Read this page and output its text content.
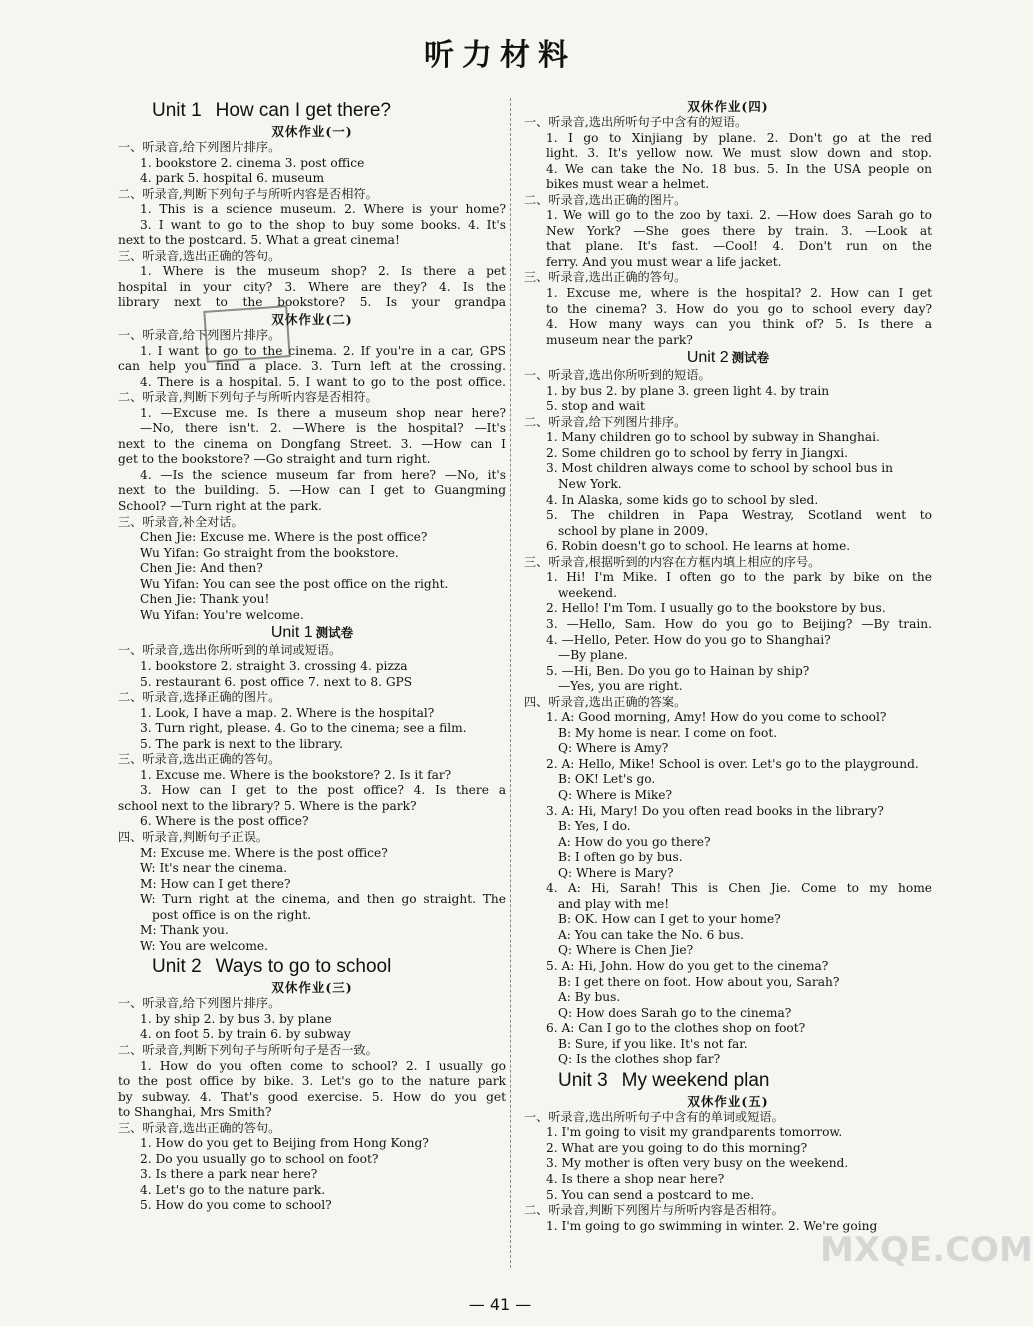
听力材料
Unit 1 How can I get there?
双休作业(一)
一、听录音,给下列图片排序。
1. bookstore 2. cinema 3. post office
4. park 5. hospital 6. museum
二、听录音,判断下列句子与所听内容是否相符。
1. This is a science museum. 2. Where is your home?
3. I want to go to the shop to buy some books. 4. It's
next to the postcard. 5. What a great cinema!
三、听录音,选出正确的答句。
1. Where is the museum shop? 2. Is there a pet
hospital in your city? 3. Where are they? 4. Is the
library next to the bookstore? 5. Is your grandpa
双休作业(二)
一、听录音,给下列图片排序。
1. I want to go to the cinema. 2. If you're in a car, GPS
can help you find a place. 3. Turn left at the crossing.
4. There is a hospital. 5. I want to go to the post office.
二、听录音,判断下列句子与所听内容是否相符。
1. —Excuse me. Is there a museum shop near here?
—No, there isn't. 2. —Where is the hospital? —It's
next to the cinema on Dongfang Street. 3. —How can I
get to the bookstore? —Go straight and turn right.
4. —Is the science museum far from here? —No, it's
next to the building. 5. —How can I get to Guangming
School? —Turn right at the park.
三、听录音,补全对话。
Chen Jie: Excuse me. Where is the post office?
Wu Yifan: Go straight from the bookstore.
Chen Jie: And then?
Wu Yifan: You can see the post office on the right.
Chen Jie: Thank you!
Wu Yifan: You're welcome.
Unit 1 测试卷
一、听录音,选出你所听到的单词或短语。
1. bookstore 2. straight 3. crossing 4. pizza
5. restaurant 6. post office 7. next to 8. GPS
二、听录音,选择正确的图片。
1. Look, I have a map. 2. Where is the hospital?
3. Turn right, please. 4. Go to the cinema; see a film.
5. The park is next to the library.
三、听录音,选出正确的答句。
1. Excuse me. Where is the bookstore? 2. Is it far?
3. How can I get to the post office? 4. Is there a
school next to the library? 5. Where is the park?
6. Where is the post office?
四、听录音,判断句子正误。
M: Excuse me. Where is the post office?
W: It's near the cinema.
M: How can I get there?
W: Turn right at the cinema, and then go straight. The
post office is on the right.
M: Thank you.
W: You are welcome.
Unit 2 Ways to go to school
双休作业(三)
一、听录音,给下列图片排序。
1. by ship 2. by bus 3. by plane
4. on foot 5. by train 6. by subway
二、听录音,判断下列句子与所听句子是否一致。
1. How do you often come to school? 2. I usually go
to the post office by bike. 3. Let's go to the nature park
by subway. 4. That's good exercise. 5. How do you get
to Shanghai, Mrs Smith?
三、听录音,选出正确的答句。
1. How do you get to Beijing from Hong Kong?
2. Do you usually go to school on foot?
3. Is there a park near here?
4. Let's go to the nature park.
5. How do you come to school?
双休作业(四)
一、听录音,选出所听句子中含有的短语。
1. I go to Xinjiang by plane. 2. Don't go at the red
light. 3. It's yellow now. We must slow down and stop.
4. We can take the No. 18 bus. 5. In the USA people on
bikes must wear a helmet.
二、听录音,选出正确的图片。
1. We will go to the zoo by taxi. 2. —How does Sarah go to
New York? —She goes there by train. 3. —Look at
that plane. It's fast. —Cool! 4. Don't run on the
ferry. And you must wear a life jacket.
三、听录音,选出正确的答句。
1. Excuse me, where is the hospital? 2. How can I get
to the cinema? 3. How do you go to school every day?
4. How many ways can you think of? 5. Is there a
museum near the park?
Unit 2 测试卷
一、听录音,选出你所听到的短语。
1. by bus 2. by plane 3. green light 4. by train
5. stop and wait
二、听录音,给下列图片排序。
1. Many children go to school by subway in Shanghai.
2. Some children go to school by ferry in Jiangxi.
3. Most children always come to school by school bus in
New York.
4. In Alaska, some kids go to school by sled.
5. The children in Papa Westray, Scotland went to
school by plane in 2009.
6. Robin doesn't go to school. He learns at home.
三、听录音,根据听到的内容在方框内填上相应的序号。
1. Hi! I'm Mike. I often go to the park by bike on the
weekend.
2. Hello! I'm Tom. I usually go to the bookstore by bus.
3. —Hello, Sam. How do you go to Beijing? —By train.
4. —Hello, Peter. How do you go to Shanghai?
—By plane.
5. —Hi, Ben. Do you go to Hainan by ship?
—Yes, you are right.
四、听录音,选出正确的答案。
1. A: Good morning, Amy! How do you come to school?
B: My home is near. I come on foot.
Q: Where is Amy?
2. A: Hello, Mike! School is over. Let's go to the playground.
B: OK! Let's go.
Q: Where is Mike?
3. A: Hi, Mary! Do you often read books in the library?
B: Yes, I do.
A: How do you go there?
B: I often go by bus.
Q: Where is Mary?
4. A: Hi, Sarah! This is Chen Jie. Come to my home
and play with me!
B: OK. How can I get to your home?
A: You can take the No. 6 bus.
Q: Where is Chen Jie?
5. A: Hi, John. How do you get to the cinema?
B: I get there on foot. How about you, Sarah?
A: By bus.
Q: How does Sarah go to the cinema?
6. A: Can I go to the clothes shop on foot?
B: Sure, if you like. It's not far.
Q: Is the clothes shop far?
Unit 3 My weekend plan
双休作业(五)
一、听录音,选出所听句子中含有的单词或短语。
1. I'm going to visit my grandparents tomorrow.
2. What are you going to do this morning?
3. My mother is often very busy on the weekend.
4. Is there a shop near here?
5. You can send a postcard to me.
二、听录音,判断下列图片与所听内容是否相符。
1. I'm going to go swimming in winter. 2. We're going
MXQE.COM
— 41 —
